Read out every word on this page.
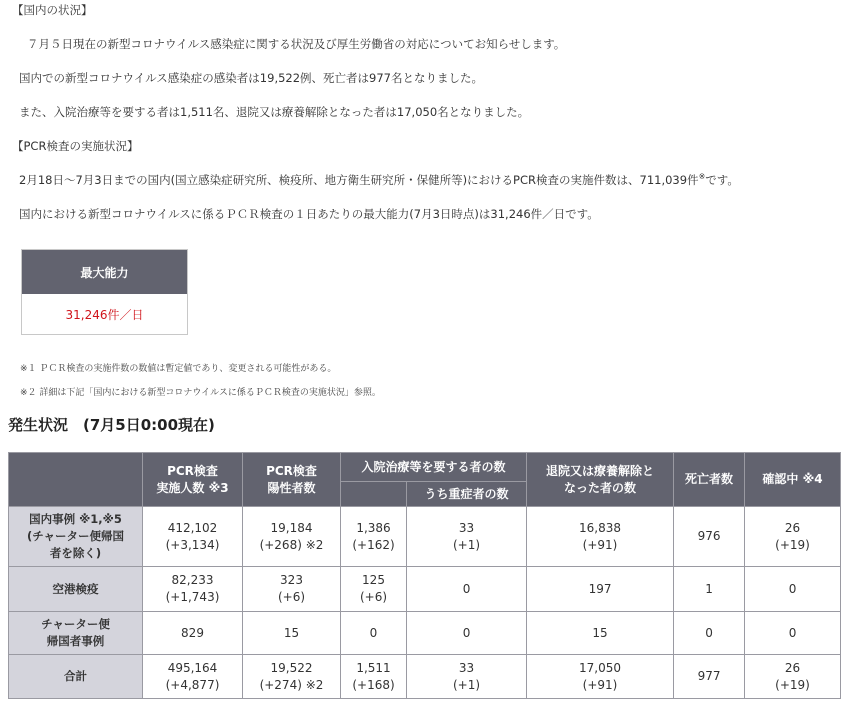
【国内の状況】
７月５日現在の新型コロナウイルス感染症に関する状況及び厚生労働省の対応についてお知らせします。
国内での新型コロナウイルス感染症の感染者は19,522例、死亡者は977名となりました。
また、入院治療等を要する者は1,511名、退院又は療養解除となった者は17,050名となりました。
【PCR検査の実施状況】
2月18日〜7月3日までの国内(国立感染症研究所、検疫所、地方衛生研究所・保健所等)におけるPCR検査の実施件数は、711,039件※です。
国内における新型コロナウイルスに係るＰＣＲ検査の１日あたりの最大能力(7月3日時点)は31,246件／日です。
最大能力
31,246件／日
※１ ＰＣＲ検査の実施件数の数値は暫定値であり、変更される可能性がある。
※２ 詳細は下記「国内における新型コロナウイルスに係るＰＣＲ検査の実施状況」参照。
発生状況　(7月5日0:00現在)

	PCR検査
実施人数 ※3	PCR検査
陽性者数	入院治療等を要する者の数		退院又は療養解除と
なった者の数	死亡者数	確認中 ※4
				うち重症者の数			

国内事例 ※1,※5
(チャーター便帰国
者を除く)	412,102
(+3,134)	19,184
(+268) ※2	1,386
(+162)	33
(+1)	16,838
(+91)	976	26
(+19)

空港検疫	82,233
(+1,743)	323
(+6)	125
(+6)	0	197	1	0

チャーター便
帰国者事例	829	15	0	0	15	0	0

合計	495,164
(+4,877)	19,522
(+274) ※2	1,511
(+168)	33
(+1)	17,050
(+91)	977	26
(+19)
